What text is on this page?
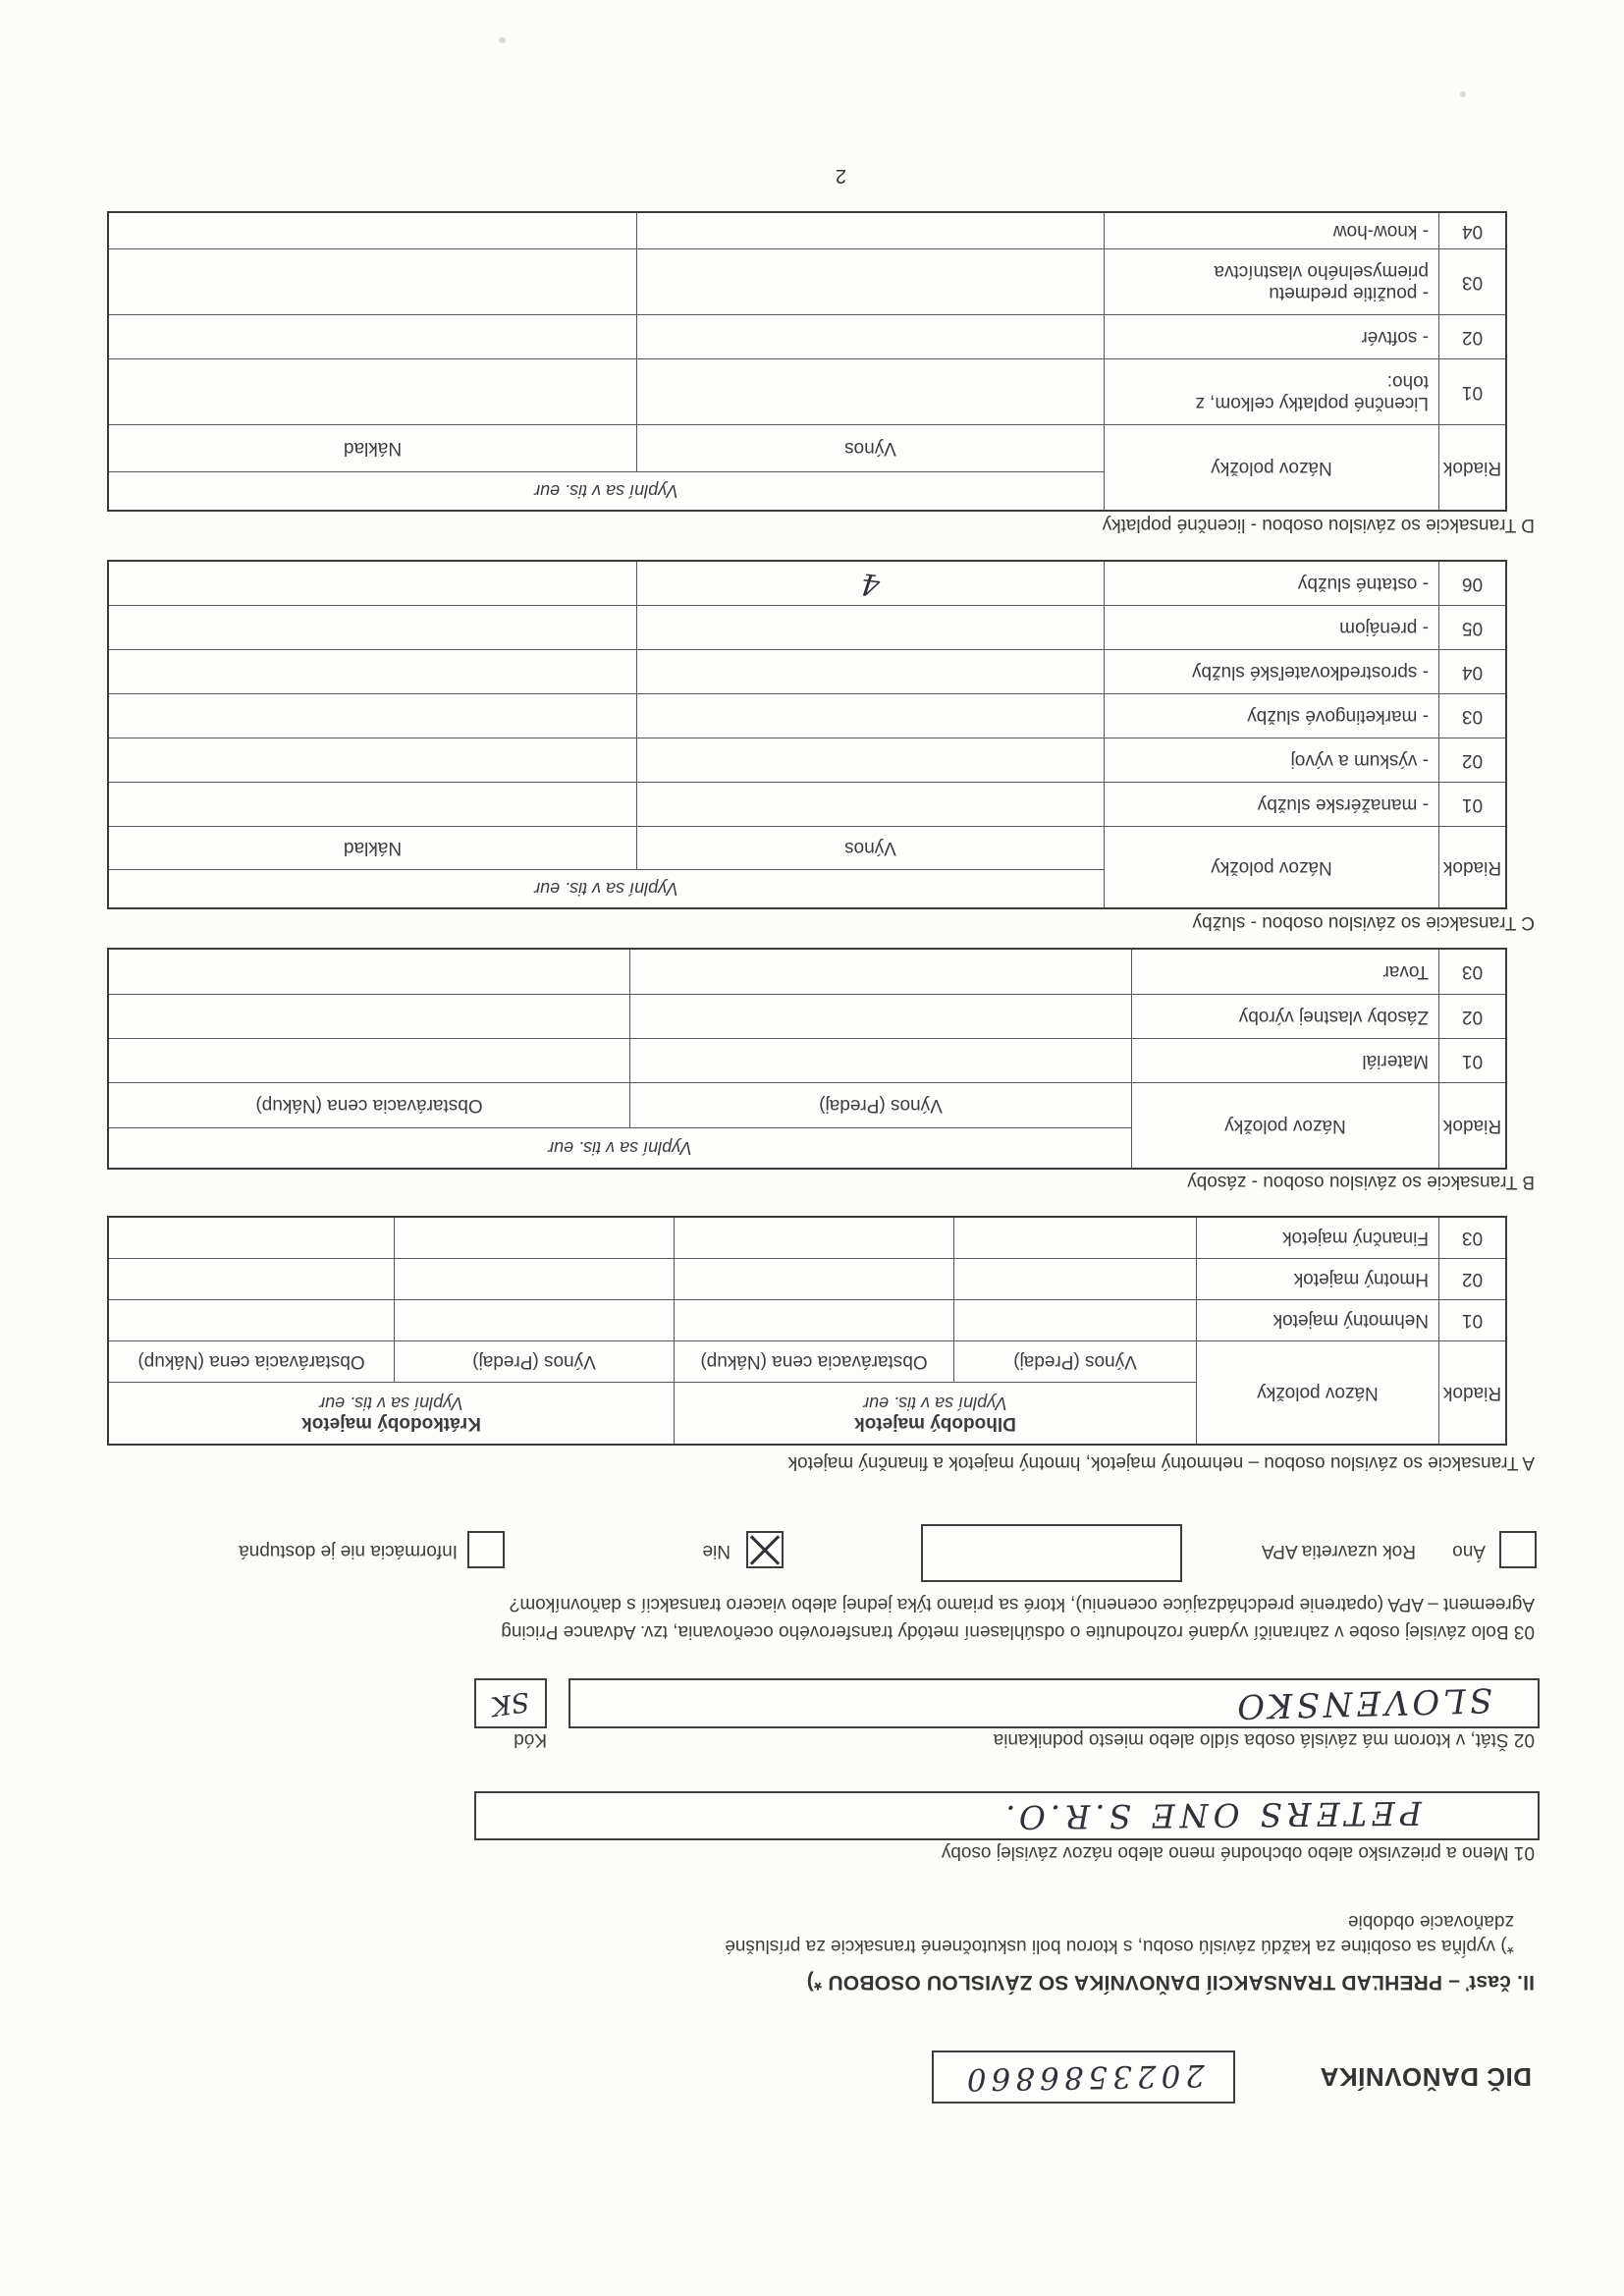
DIČ DAŇOVNÍKA
2023586860
II. časť – PREHĽAD TRANSAKCIÍ DAŇOVNÍKA SO ZÁVISLOU OSOBOU *)
*) vypĺňa sa osobitne za každú závislú osobu, s ktorou boli uskutočnené transakcie za príslušné
zdaňovacie obdobie
01 Meno a priezvisko alebo obchodné meno alebo názov závislej osoby
PETERS ONE S.R.O.
02 Štát, v ktorom má závislá osoba sídlo alebo miesto podnikania
Kód
SLOVENSKO
SK
03 Bolo závislej osobe v zahraničí vydané rozhodnutie o odsúhlasení metódy transferového oceňovania, tzv. Advance Pricing
Agreement – APA (opatrenie predchádzajúce oceneniu), ktoré sa priamo týka jednej alebo viacero transakcií s daňovníkom?
Áno
Rok uzavretia APA
Nie
Informácia nie je dostupná
A Transakcie so závislou osobou – nehmotný majetok, hmotný majetok a finančný majetok
Riadok
Názov položky
Dlhodobý majetok
Vyplní sa v tis. eur
Krátkodobý majetok
Vyplní sa v tis. eur
Výnos (Predaj)
Obstarávacia cena (Nákup)
Výnos (Predaj)
Obstarávacia cena (Nákup)
01
Nehmotný majetok
02
Hmotný majetok
03
Finančný majetok
B Transakcie so závislou osobou - zásoby
Riadok
Názov položky
Vyplní sa v tis. eur
Výnos (Predaj)
Obstarávacia cena (Nákup)
01
Materiál
02
Zásoby vlastnej výroby
03
Tovar
C Transakcie so závislou osobou - služby
Riadok
Názov položky
Vyplní sa v tis. eur
Výnos
Náklad
01
- manažérske služby
02
- výskum a vývoj
03
- marketingové služby
04
- sprostredkovateľské služby
05
- prenájom
06
- ostatné služby
4
D Transakcie so závislou osobou - licenčné poplatky
Riadok
Názov položky
Vyplní sa v tis. eur
Výnos
Náklad
01
Licenčné poplatky celkom, z toho:
02
- softvér
03
- použitie predmetu priemyselného vlastníctva
04
- know-how
2
